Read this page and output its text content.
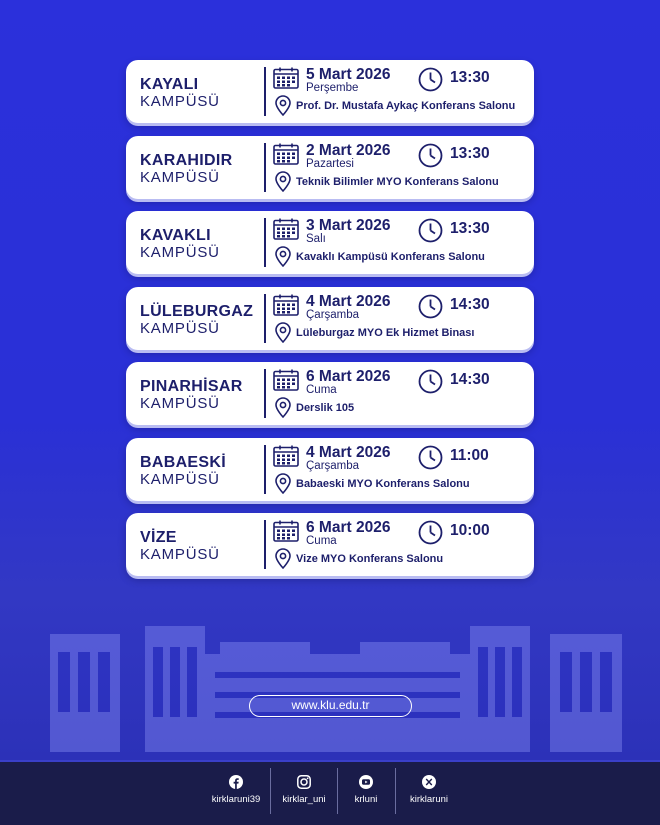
KAYALI
KAMPÜSÜ
5 Mart 2026
Perşembe
13:30
Prof. Dr. Mustafa Aykaç Konferans Salonu
KARAHIDIR
KAMPÜSÜ
2 Mart 2026
Pazartesi
13:30
Teknik Bilimler MYO Konferans Salonu
KAVAKLI
KAMPÜSÜ
3 Mart 2026
Salı
13:30
Kavaklı Kampüsü Konferans Salonu
LÜLEBURGAZ
KAMPÜSÜ
4 Mart 2026
Çarşamba
14:30
Lüleburgaz MYO Ek Hizmet Binası
PINARHİSAR
KAMPÜSÜ
6 Mart 2026
Cuma
14:30
Derslik 105
BABAESKİ
KAMPÜSÜ
4 Mart 2026
Çarşamba
11:00
Babaeski MYO Konferans Salonu
VİZE
KAMPÜSÜ
6 Mart 2026
Cuma
10:00
Vize MYO Konferans Salonu
www.klu.edu.tr
kirklaruni39	kirklar_uni	krluni	kirklaruni
